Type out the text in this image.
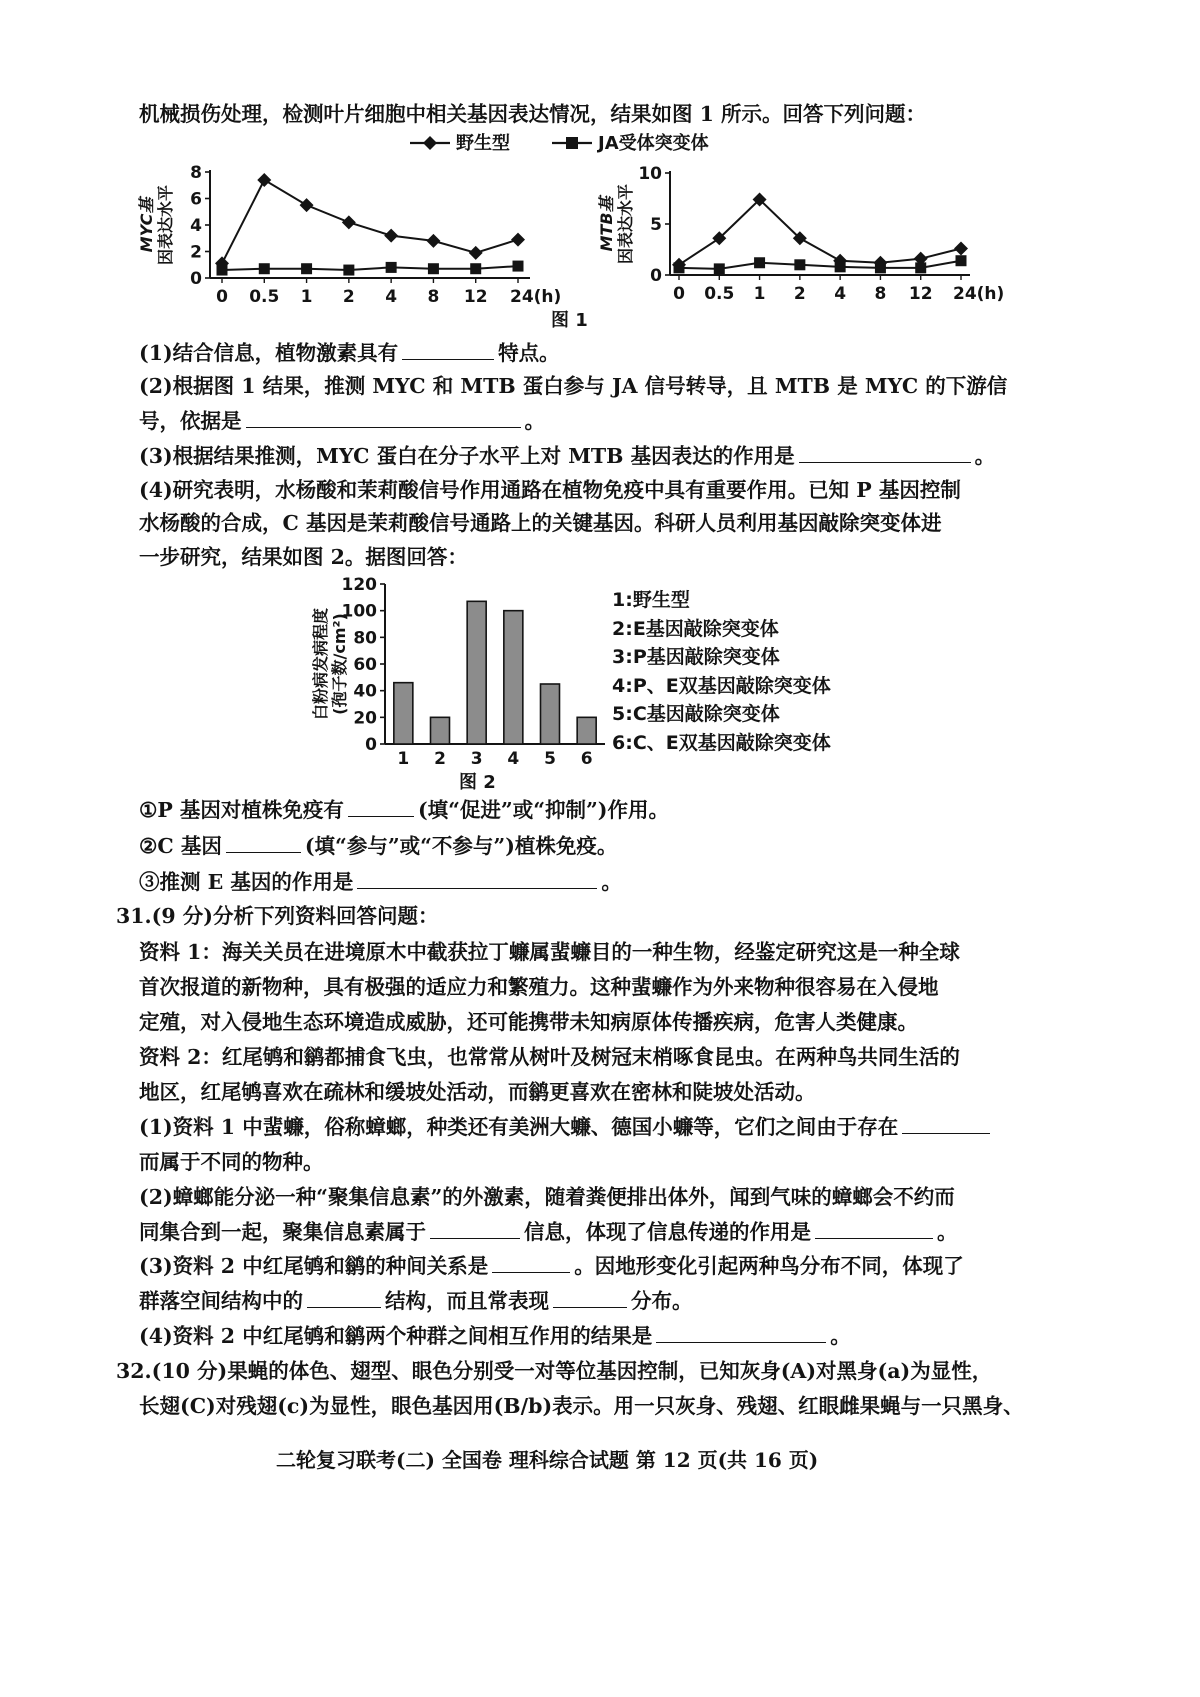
机械损伤处理，检测叶片细胞中相关基因表达情况，结果如图 1 所示。回答下列问题：
野生型	JA受体突变体
0
2
4
6
8
0 0.5 1 2 4 8 12 24(h)
MYC基 因表达水平
0
5
10
0 0.5 1 2 4 8 12 24(h)
MTB基 因表达水平
图 1
(1)结合信息，植物激素具有	特点。
(2)根据图 1 结果，推测 MYC 和 MTB 蛋白参与 JA 信号转导，且 MTB 是 MYC 的下游信
号，依据是	。
(3)根据结果推测，MYC 蛋白在分子水平上对 MTB 基因表达的作用是	。
(4)研究表明，水杨酸和茉莉酸信号作用通路在植物免疫中具有重要作用。已知 P 基因控制
水杨酸的合成，C 基因是茉莉酸信号通路上的关键基因。科研人员利用基因敲除突变体进
一步研究，结果如图 2。据图回答：
0
20
40
60
80
100
120
1 2 3 4 5 6
白粉病发病程度 (孢子数/cm²)
1:野生型
2:E基因敲除突变体
3:P基因敲除突变体
4:P、E双基因敲除突变体
5:C基因敲除突变体
6:C、E双基因敲除突变体
图 2
①P 基因对植株免疫有	(填“促进”或“抑制”)作用。
②C 基因	(填“参与”或“不参与”)植株免疫。
③推测 E 基因的作用是	。
31.(9 分)分析下列资料回答问题：
资料 1：海关关员在进境原木中截获拉丁蠊属蜚蠊目的一种生物，经鉴定研究这是一种全球
首次报道的新物种，具有极强的适应力和繁殖力。这种蜚蠊作为外来物种很容易在入侵地
定殖，对入侵地生态环境造成威胁，还可能携带未知病原体传播疾病，危害人类健康。
资料 2：红尾鸲和鹟都捕食飞虫，也常常从树叶及树冠末梢啄食昆虫。在两种鸟共同生活的
地区，红尾鸲喜欢在疏林和缓坡处活动，而鹟更喜欢在密林和陡坡处活动。
(1)资料 1 中蜚蠊，俗称蟑螂，种类还有美洲大蠊、德国小蠊等，它们之间由于存在
而属于不同的物种。
(2)蟑螂能分泌一种“聚集信息素”的外激素，随着粪便排出体外，闻到气味的蟑螂会不约而
同集合到一起，聚集信息素属于	信息，体现了信息传递的作用是	。
(3)资料 2 中红尾鸲和鹟的种间关系是	。因地形变化引起两种鸟分布不同，体现了
群落空间结构中的	结构，而且常表现	分布。
(4)资料 2 中红尾鸲和鹟两个种群之间相互作用的结果是	。
32.(10 分)果蝇的体色、翅型、眼色分别受一对等位基因控制，已知灰身(A)对黑身(a)为显性，
长翅(C)对残翅(c)为显性，眼色基因用(B/b)表示。用一只灰身、残翅、红眼雌果蝇与一只黑身、
二轮复习联考(二) 全国卷 理科综合试题 第 12 页(共 16 页)
